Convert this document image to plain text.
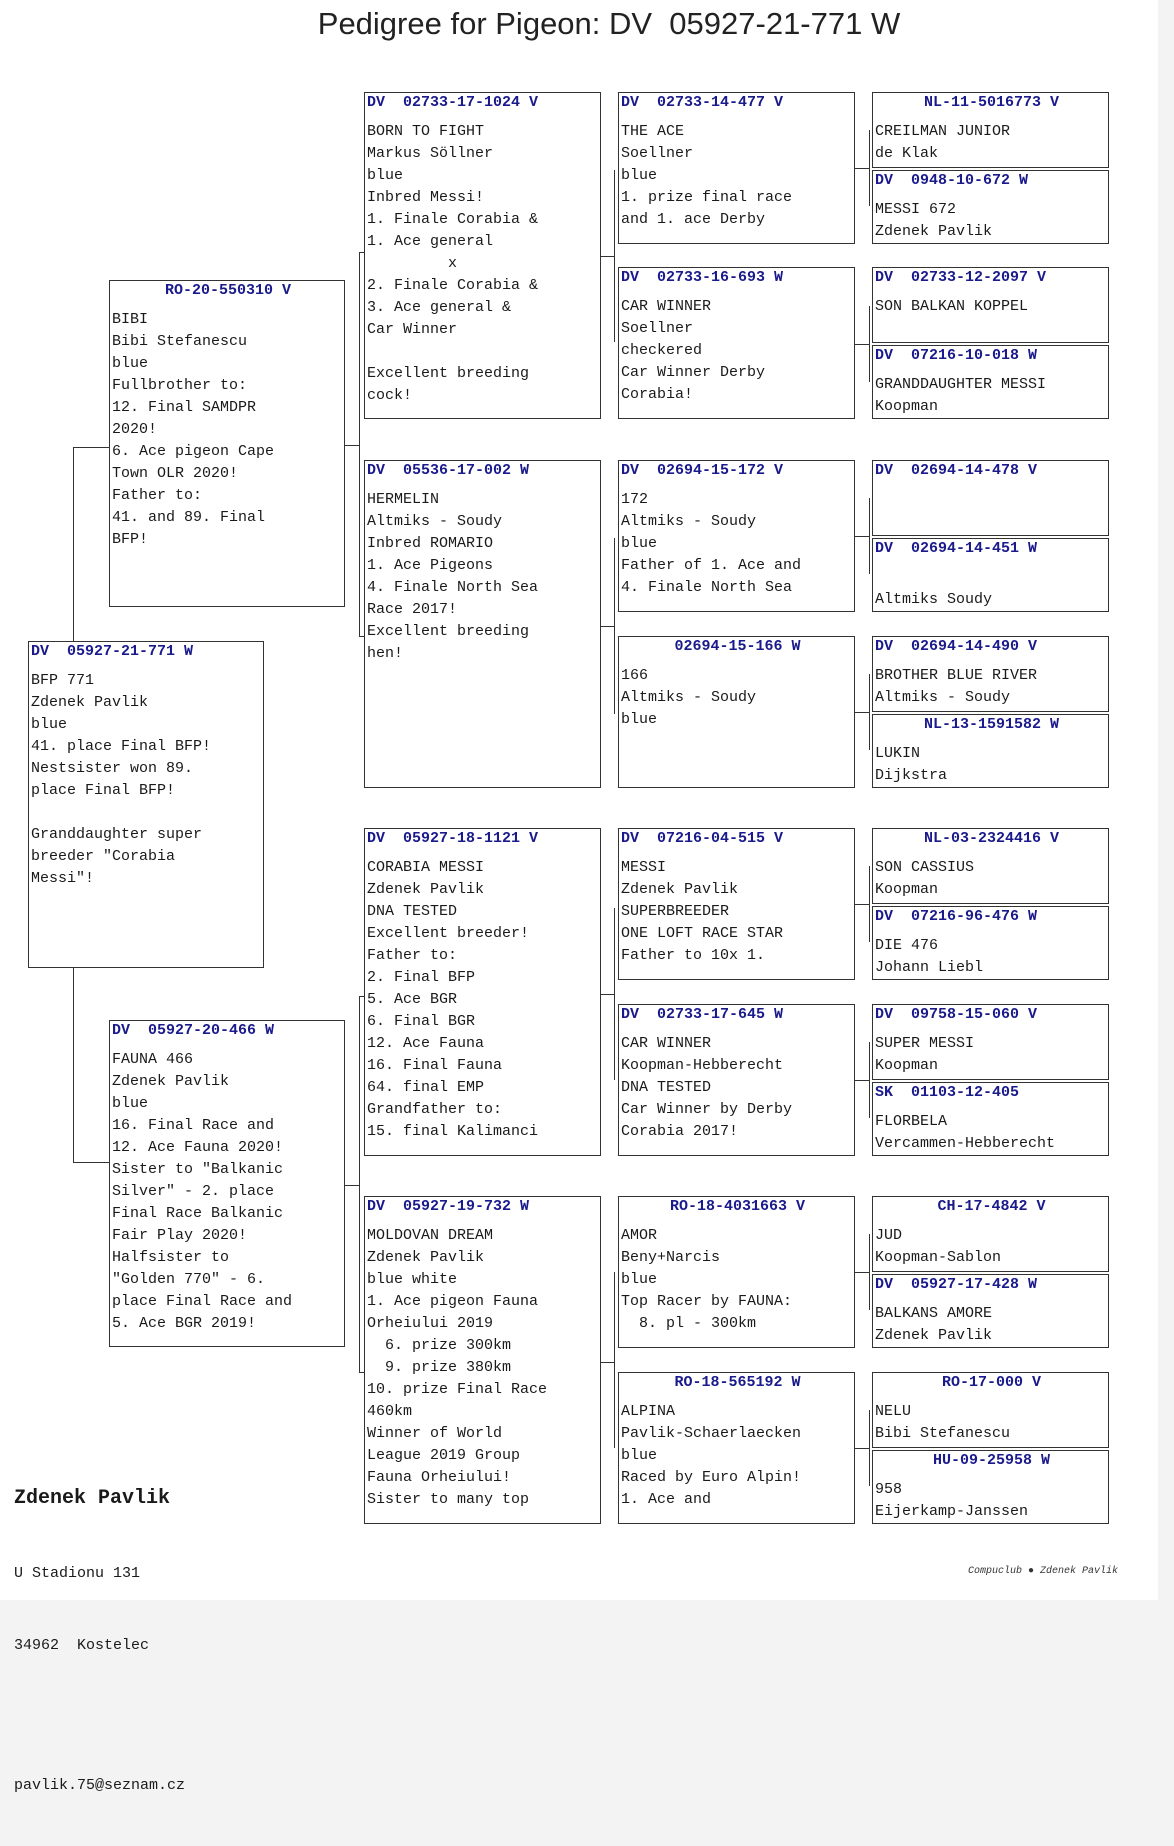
Pedigree for Pigeon: DV  05927-21-771 W
DV  05927-21-771 W
BFP 771
Zdenek Pavlik
blue
41. place Final BFP!
Nestsister won 89.
place Final BFP!

Granddaughter super
breeder "Corabia
Messi"!
RO-20-550310 V
BIBI
Bibi Stefanescu
blue
Fullbrother to:
12. Final SAMDPR
2020!
6. Ace pigeon Cape
Town OLR 2020!
Father to:
41. and 89. Final
BFP!
DV  05927-20-466 W
FAUNA 466
Zdenek Pavlik
blue
16. Final Race and
12. Ace Fauna 2020!
Sister to "Balkanic
Silver" - 2. place
Final Race Balkanic
Fair Play 2020!
Halfsister to
"Golden 770" - 6.
place Final Race and
5. Ace BGR 2019!
DV  02733-17-1024 V
BORN TO FIGHT
Markus Söllner
blue
Inbred Messi!
1. Finale Corabia &
1. Ace general
x
2. Finale Corabia &
3. Ace general &
Car Winner

Excellent breeding
cock!
DV  05536-17-002 W
HERMELIN
Altmiks - Soudy
Inbred ROMARIO
1. Ace Pigeons
4. Finale North Sea
Race 2017!
Excellent breeding
hen!
DV  05927-18-1121 V
CORABIA MESSI
Zdenek Pavlik
DNA TESTED
Excellent breeder!
Father to:
2. Final BFP
5. Ace BGR
6. Final BGR
12. Ace Fauna
16. Final Fauna
64. final EMP
Grandfather to:
15. final Kalimanci
DV  05927-19-732 W
MOLDOVAN DREAM
Zdenek Pavlik
blue white
1. Ace pigeon Fauna
Orheiului 2019
6. prize 300km
9. prize 380km
10. prize Final Race
460km
Winner of World
League 2019 Group
Fauna Orheiului!
Sister to many top
DV  02733-14-477 V
THE ACE
Soellner
blue
1. prize final race
and 1. ace Derby
DV  02733-16-693 W
CAR WINNER
Soellner
checkered
Car Winner Derby
Corabia!
DV  02694-15-172 V
172
Altmiks - Soudy
blue
Father of 1. Ace and
4. Finale North Sea
02694-15-166 W
166
Altmiks - Soudy
blue
DV  07216-04-515 V
MESSI
Zdenek Pavlik
SUPERBREEDER
ONE LOFT RACE STAR
Father to 10x 1.
DV  02733-17-645 W
CAR WINNER
Koopman-Hebberecht
DNA TESTED
Car Winner by Derby
Corabia 2017!
RO-18-4031663 V
AMOR
Beny+Narcis
blue
Top Racer by FAUNA:
8. pl - 300km
RO-18-565192 W
ALPINA
Pavlik-Schaerlaecken
blue
Raced by Euro Alpin!
1. Ace and
NL-11-5016773 V
CREILMAN JUNIOR
de Klak
DV  0948-10-672 W
MESSI 672
Zdenek Pavlik
DV  02733-12-2097 V
SON BALKAN KOPPEL
DV  07216-10-018 W
GRANDDAUGHTER MESSI
Koopman
DV  02694-14-478 V
DV  02694-14-451 W

Altmiks Soudy
DV  02694-14-490 V
BROTHER BLUE RIVER
Altmiks - Soudy
NL-13-1591582 W
LUKIN
Dijkstra
NL-03-2324416 V
SON CASSIUS
Koopman
DV  07216-96-476 W
DIE 476
Johann Liebl
DV  09758-15-060 V
SUPER MESSI
Koopman
SK  01103-12-405
FLORBELA
Vercammen-Hebberecht
CH-17-4842 V
JUD
Koopman-Sablon
DV  05927-17-428 W
BALKANS AMORE
Zdenek Pavlik
RO-17-000 V
NELU
Bibi Stefanescu
HU-09-25958 W
958
Eijerkamp-Janssen

Zdenek Pavlik

U Stadionu 131

34962  Kostelec

pavlik.75@seznam.cz

Compuclub ● Zdenek Pavlik
